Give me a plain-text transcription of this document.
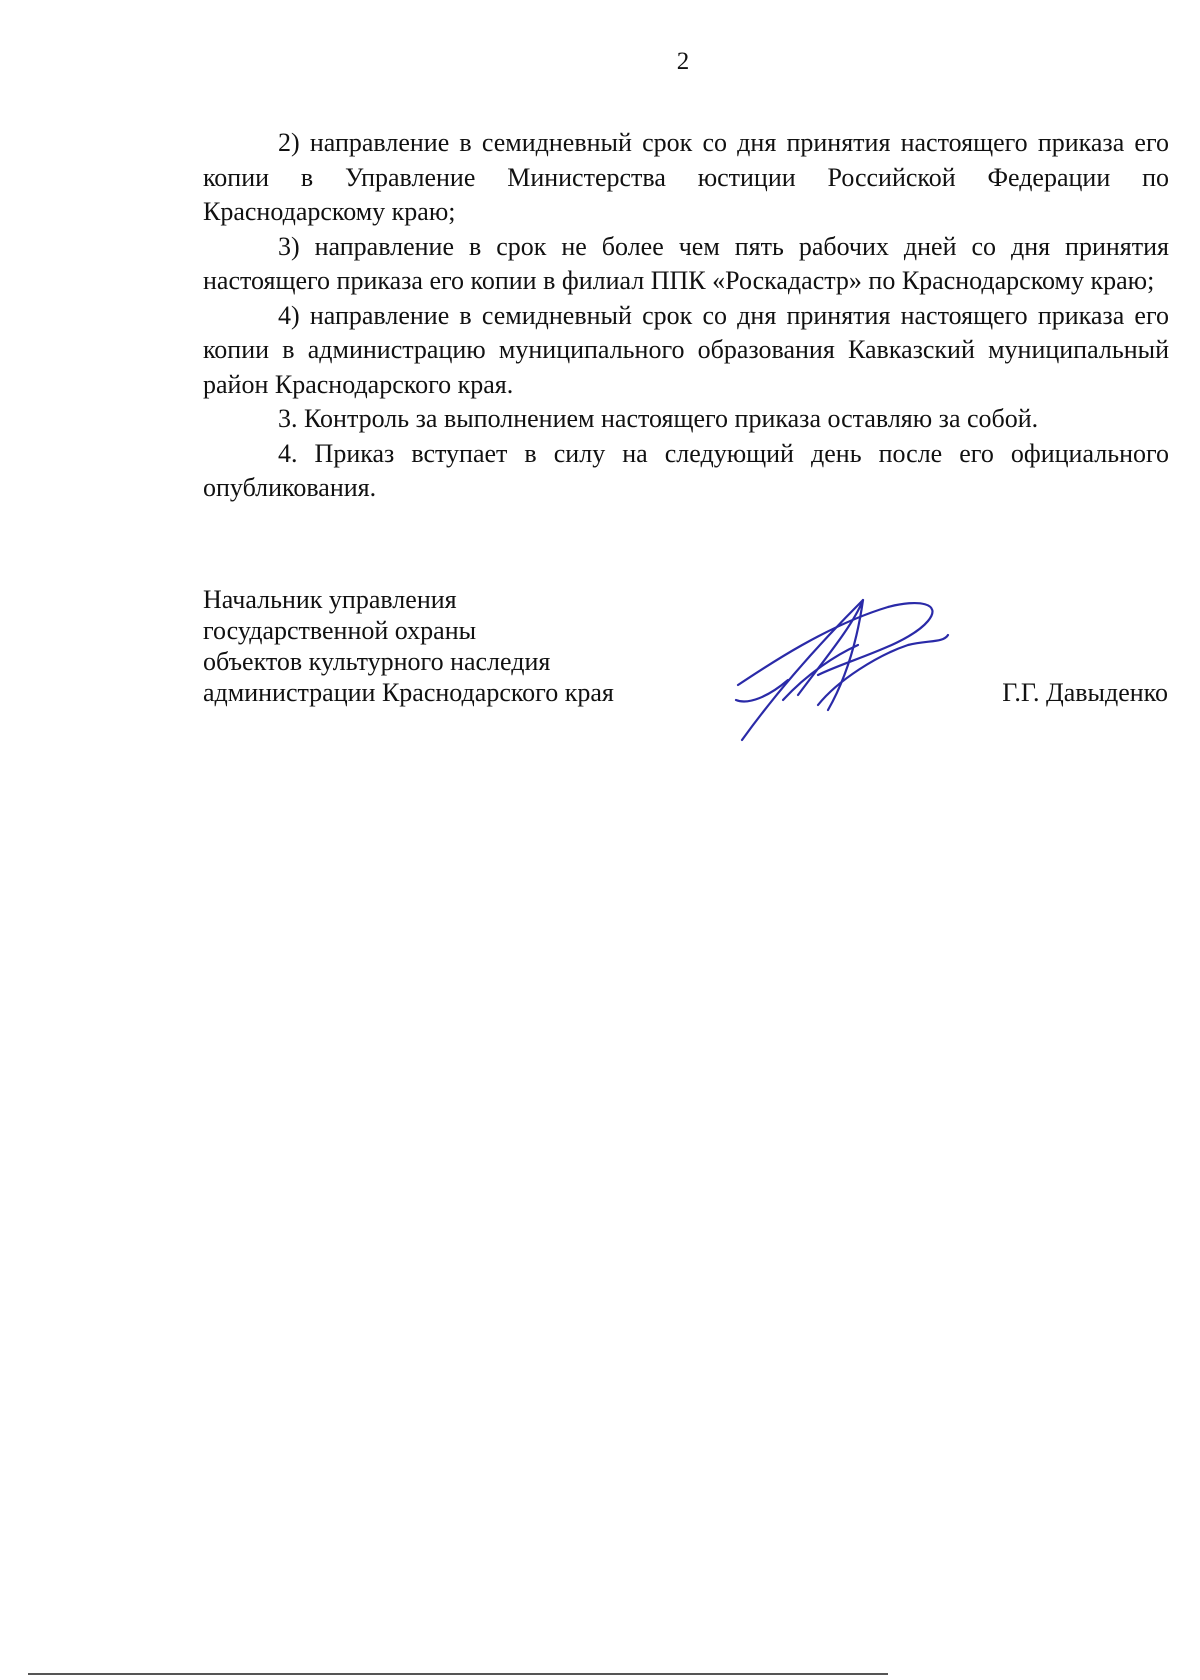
2

2) направление в семидневный срок со дня принятия настоящего приказа его копии в Управление Министерства юстиции Российской Федерации по Краснодарскому краю;

3) направление в срок не более чем пять рабочих дней со дня принятия настоящего приказа его копии в филиал ППК «Роскадастр» по Краснодарскому краю;

4) направление в семидневный срок со дня принятия настоящего приказа его копии в администрацию муниципального образования Кавказский муниципальный район Краснодарского края.

3. Контроль за выполнением настоящего приказа оставляю за собой.

4. Приказ вступает в силу на следующий день после его официального опубликования.

Начальник управления
государственной охраны
объектов культурного наследия
администрации Краснодарского края	Г.Г. Давыденко
